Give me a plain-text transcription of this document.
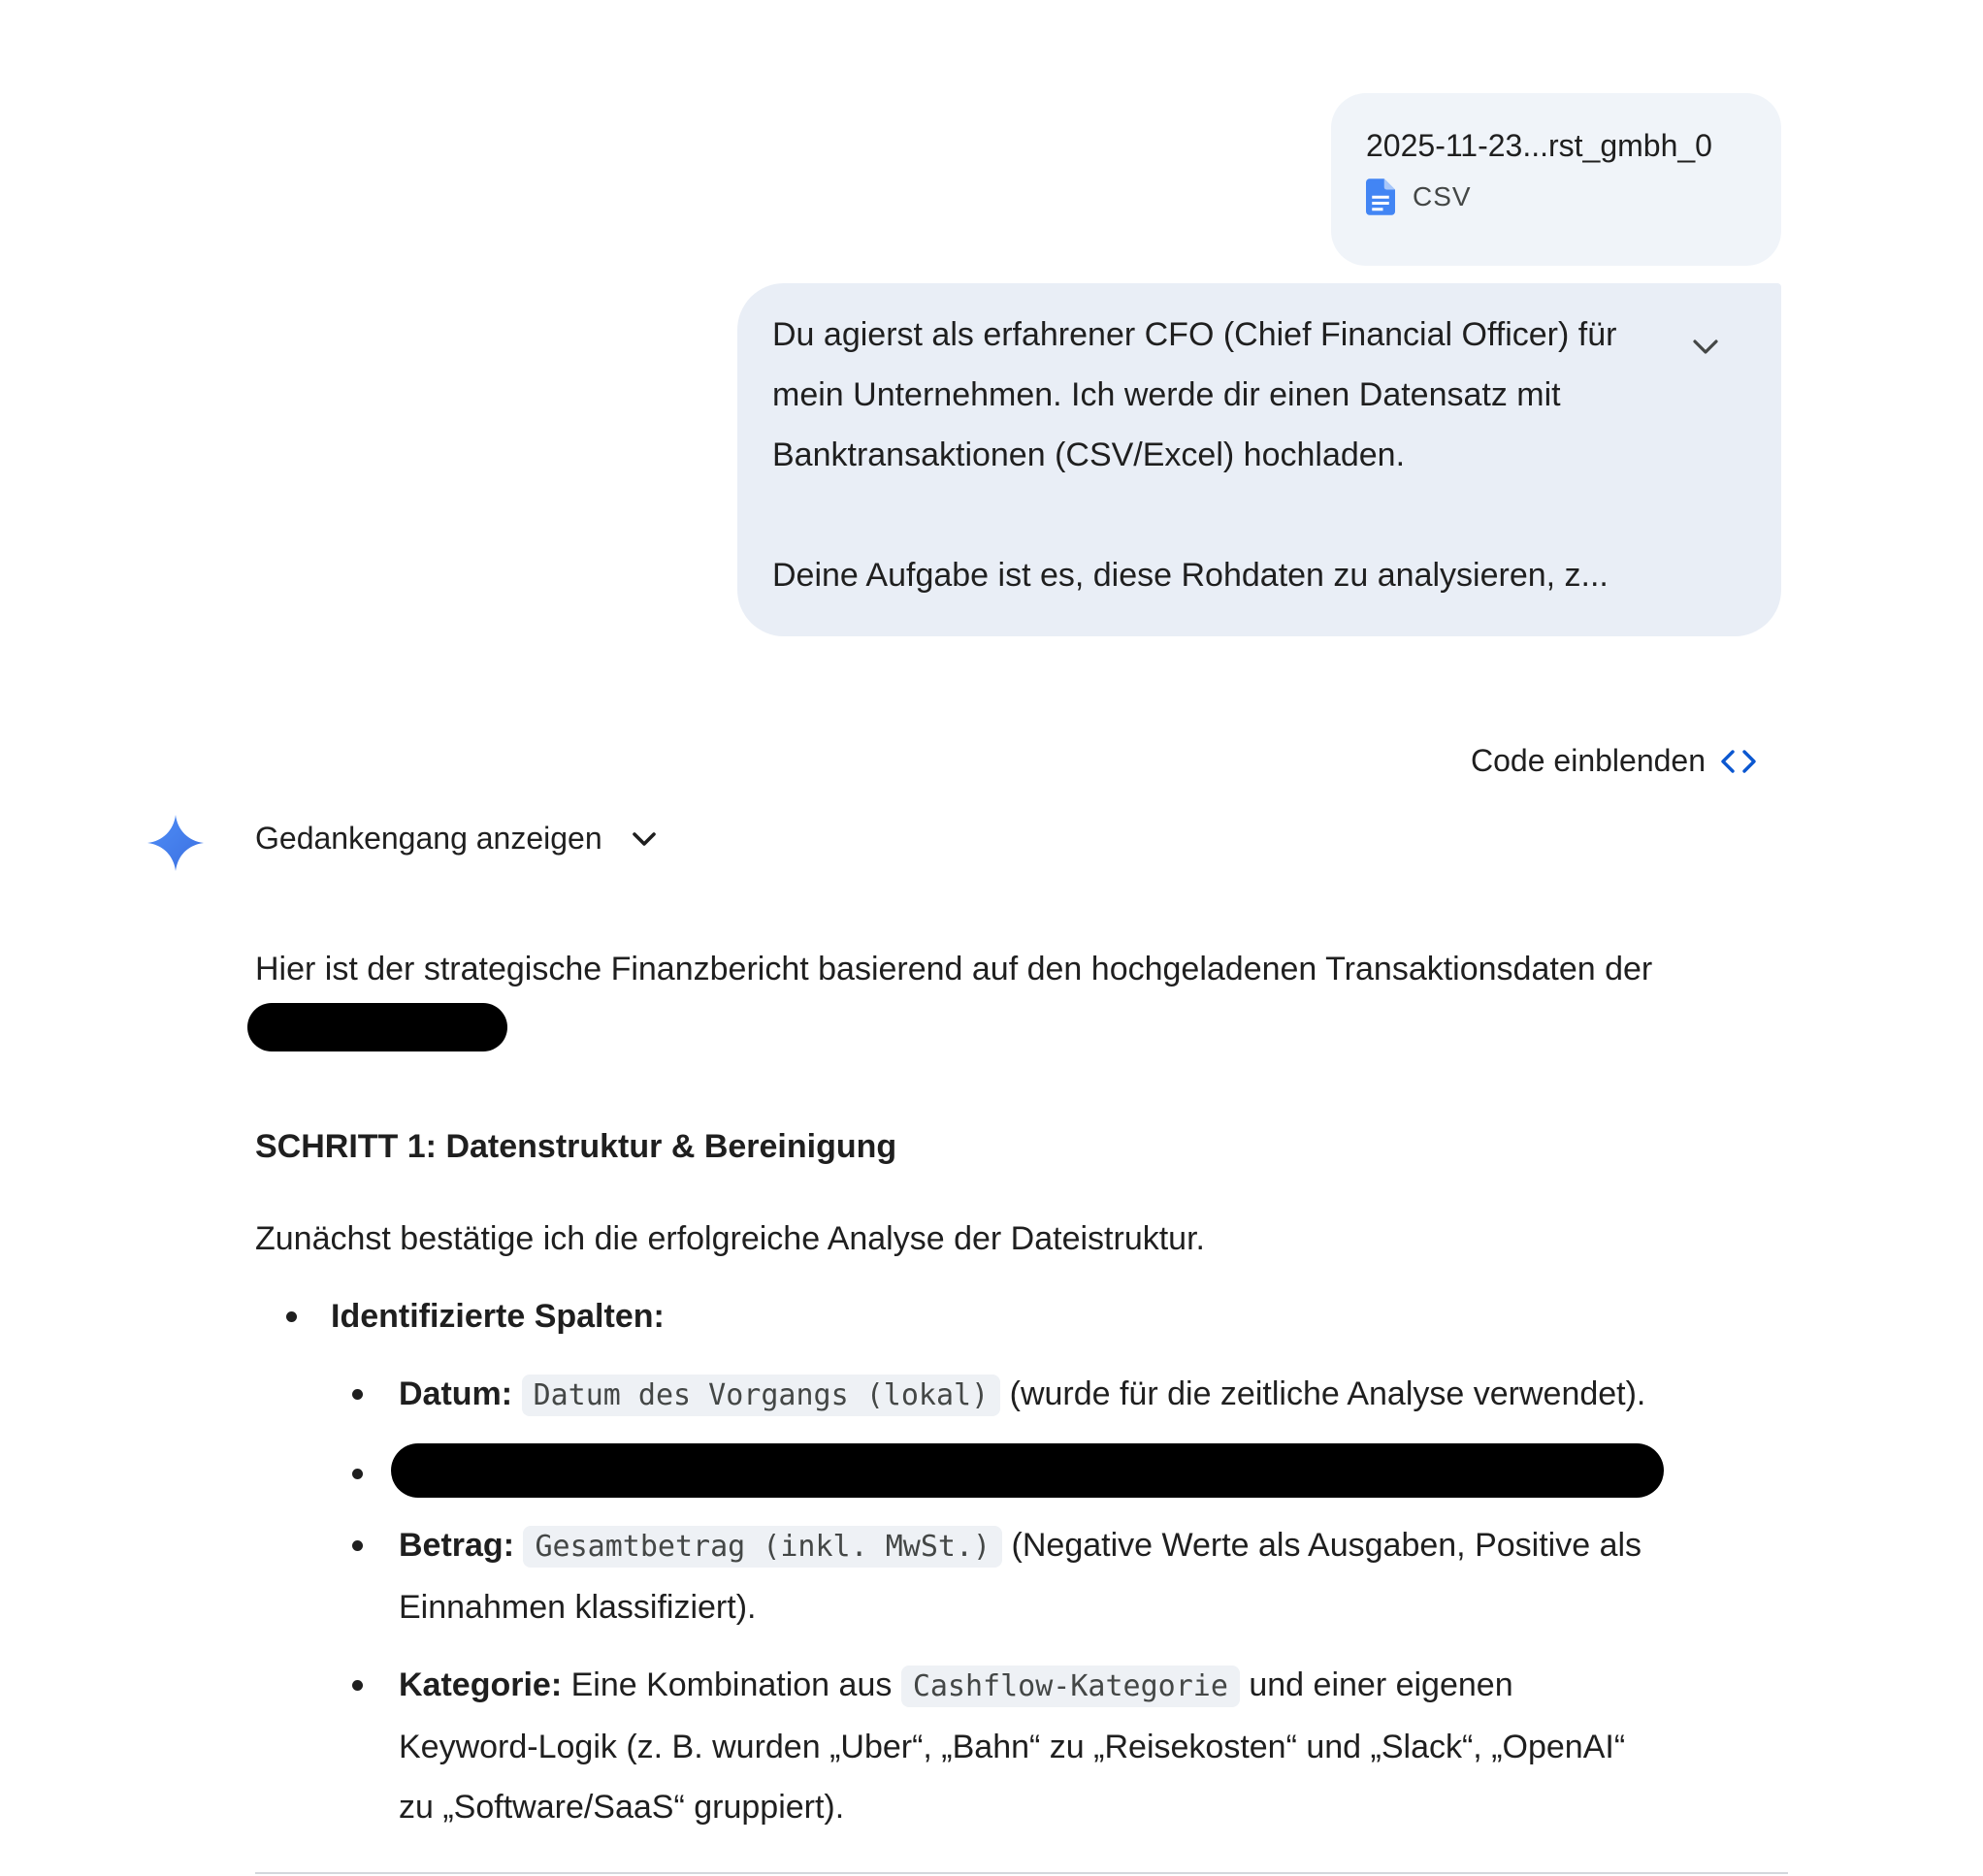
2025-11-23...rst_gmbh_0
CSV

Du agierst als erfahrener CFO (Chief Financial Officer) für mein Unternehmen. Ich werde dir einen Datensatz mit Banktransaktionen (CSV/Excel) hochladen.

Deine Aufgabe ist es, diese Rohdaten zu analysieren, z...

Code einblenden
Gedankengang anzeigen

Hier ist der strategische Finanzbericht basierend auf den hochgeladenen Transaktionsdaten der

SCHRITT 1: Datenstruktur & Bereinigung

Zunächst bestätige ich die erfolgreiche Analyse der Dateistruktur.

Identifizierte Spalten:
Datum: Datum des Vorgangs (lokal) (wurde für die zeitliche Analyse verwendet).
Betrag: Gesamtbetrag (inkl. MwSt.) (Negative Werte als Ausgaben, Positive als Einnahmen klassifiziert).
Kategorie: Eine Kombination aus Cashflow-Kategorie und einer eigenen Keyword-Logik (z. B. wurden „Uber“, „Bahn“ zu „Reisekosten“ und „Slack“, „OpenAI“ zu „Software/SaaS“ gruppiert).
